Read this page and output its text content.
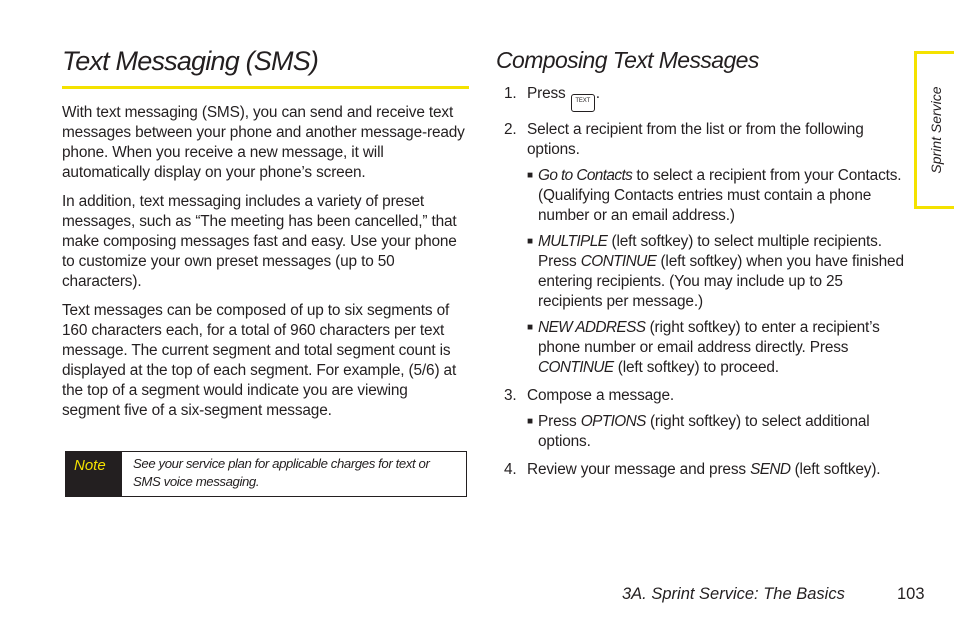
Text Messaging (SMS)

With text messaging (SMS), you can send and receive text messages between your phone and another message-ready phone. When you receive a new message, it will automatically display on your phone’s screen.

In addition, text messaging includes a variety of preset messages, such as “The meeting has been cancelled,” that make composing messages fast and easy. Use your phone to customize your own preset messages (up to 50 characters).

Text messages can be composed of up to six segments of 160 characters each, for a total of 960 characters per text message. The current segment and total segment count is displayed at the top of each segment. For example, (5/6) at the top of a segment would indicate you are viewing segment five of a six-segment message.

Note	See your service plan for applicable charges for text or SMS voice messaging.
Composing Text Messages
1. Press TEXT .
2. Select a recipient from the list or from the following options.
■ Go to Contacts to select a recipient from your Contacts. (Qualifying Contacts entries must contain a phone number or an email address.)
■ MULTIPLE (left softkey) to select multiple recipients. Press CONTINUE (left softkey) when you have finished entering recipients. (You may include up to 25 recipients per message.)
■ NEW ADDRESS (right softkey) to enter a recipient’s phone number or email address directly. Press CONTINUE (left softkey) to proceed.
3. Compose a message.
■ Press OPTIONS (right softkey) to select additional options.
4. Review your message and press SEND (left softkey).
Sprint Service
3A. Sprint Service: The Basics	103
